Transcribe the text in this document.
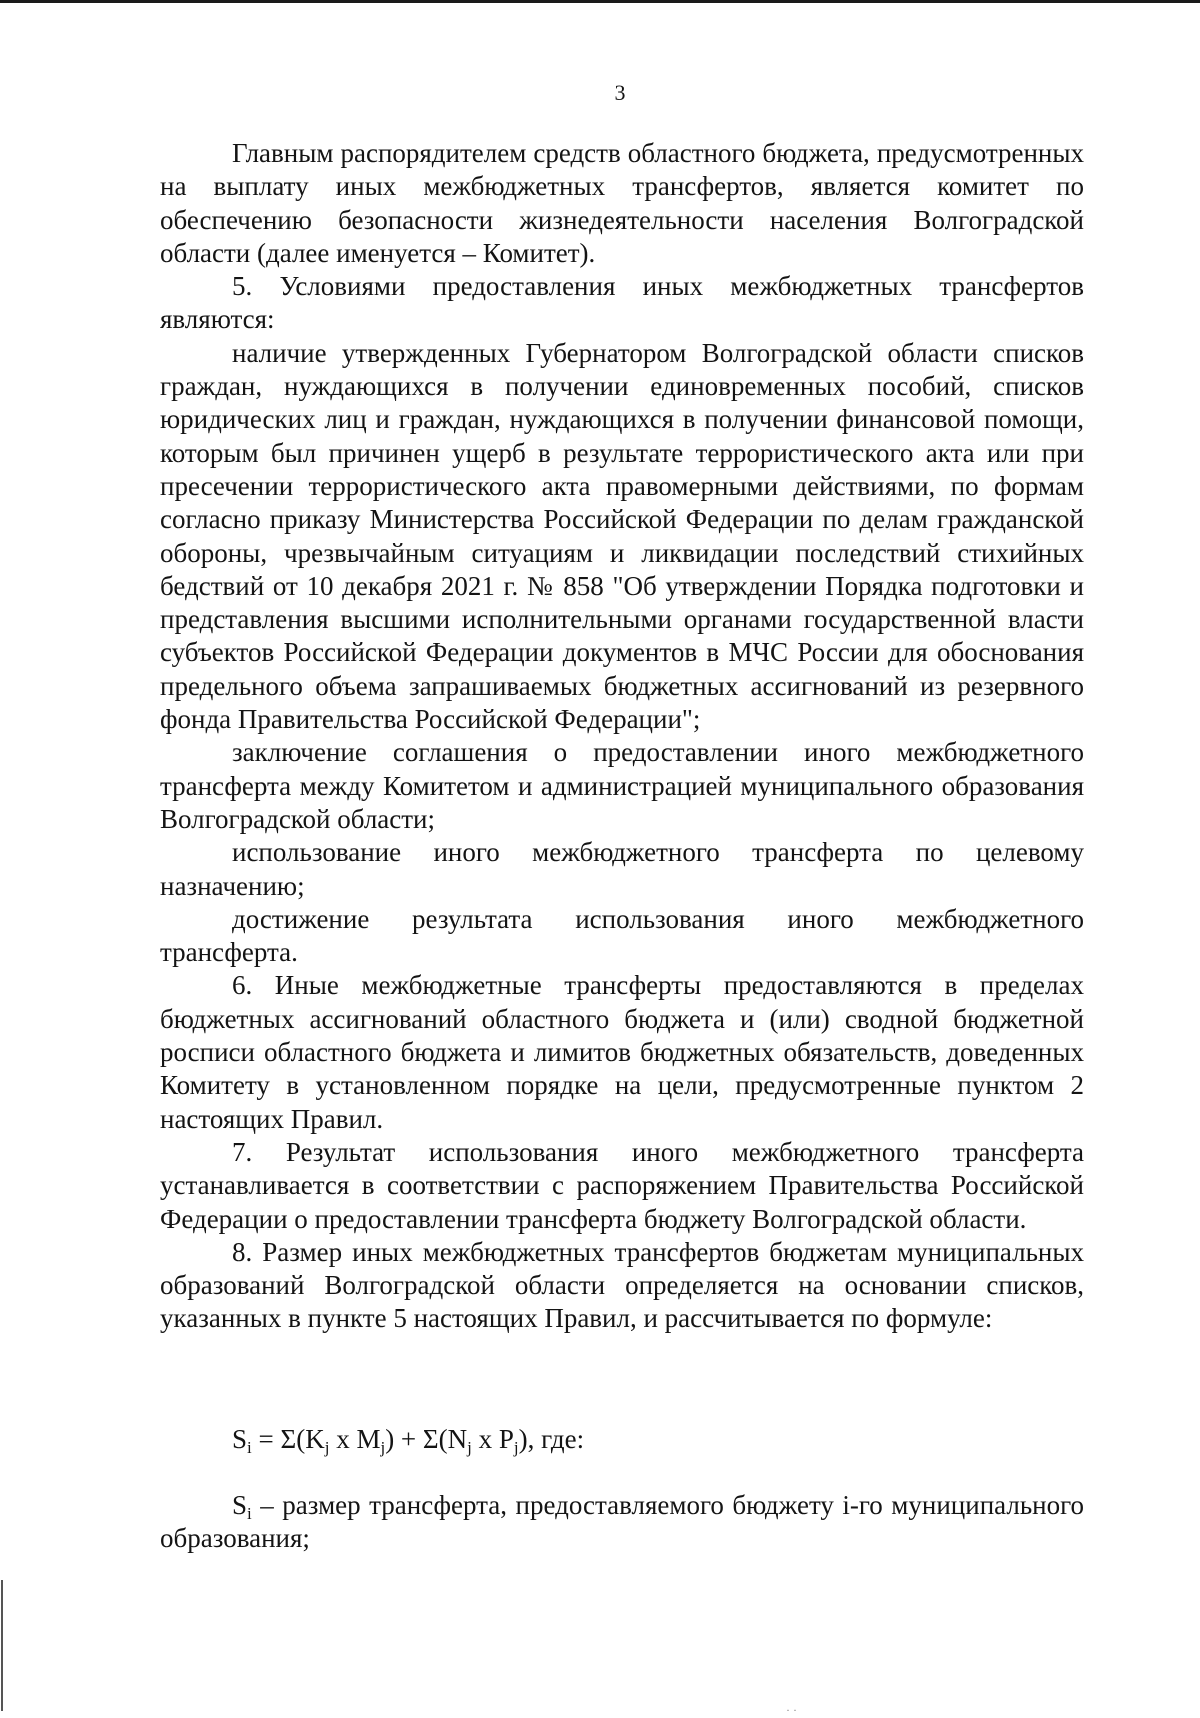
3

Главным распорядителем средств областного бюджета, предусмотренных на выплату иных межбюджетных трансфертов, является комитет по обеспечению безопасности жизнедеятельности населения Волгоградской области (далее именуется – Комитет).

5. Условиями предоставления иных межбюджетных трансфертов являются:

наличие утвержденных Губернатором Волгоградской области списков граждан, нуждающихся в получении единовременных пособий, списков юридических лиц и граждан, нуждающихся в получении финансовой помощи, которым был причинен ущерб в результате террористического акта или при пресечении террористического акта правомерными действиями, по формам согласно приказу Министерства Российской Федерации по делам гражданской обороны, чрезвычайным ситуациям и ликвидации последствий стихийных бедствий от 10 декабря 2021 г. № 858 "Об утверждении Порядка подготовки и представления высшими исполнительными органами государственной власти субъектов Российской Федерации документов в МЧС России для обоснования предельного объема запрашиваемых бюджетных ассигнований из резервного фонда Правительства Российской Федерации";

заключение соглашения о предоставлении иного межбюджетного трансферта между Комитетом и администрацией муниципального образования Волгоградской области;

использование иного межбюджетного трансферта по целевому назначению;

достижение результата использования иного межбюджетного трансферта.

6. Иные межбюджетные трансферты предоставляются в пределах бюджетных ассигнований областного бюджета и (или) сводной бюджетной росписи областного бюджета и лимитов бюджетных обязательств, доведенных Комитету в установленном порядке на цели, предусмотренные пунктом 2 настоящих Правил.

7. Результат использования иного межбюджетного трансферта устанавливается в соответствии с распоряжением Правительства Российской Федерации о предоставлении трансферта бюджету Волгоградской области.

8. Размер иных межбюджетных трансфертов бюджетам муниципальных образований Волгоградской области определяется на основании списков, указанных в пункте 5 настоящих Правил, и рассчитывается по формуле:

$S_i = \Sigma(K_j$ x $M_j) + \Sigma(N_j$ x $P_j$), где:

$S_i$ – размер трансферта, предоставляемого бюджету i-го муниципального образования;

· ·
